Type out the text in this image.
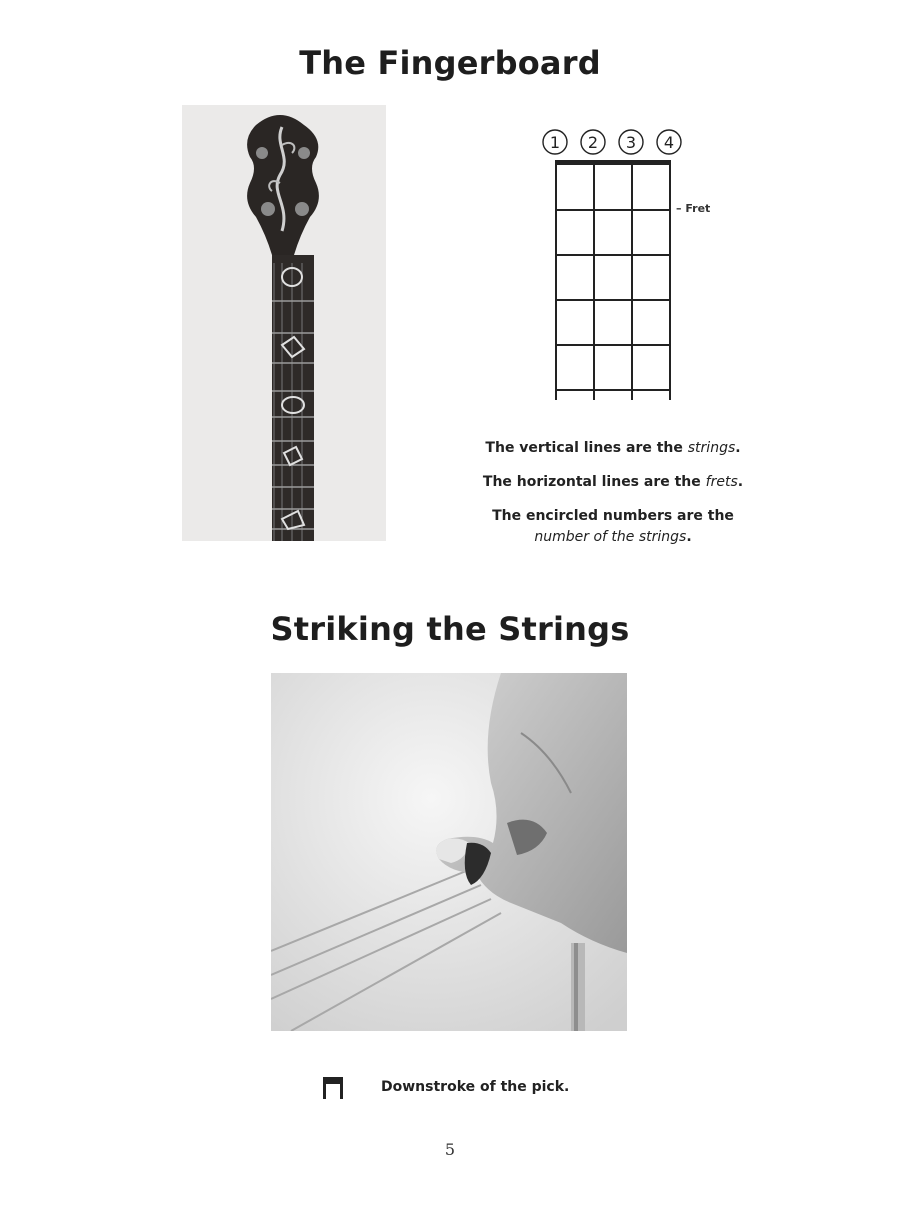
The Fingerboard
1 2 3 4
– Fret
The vertical lines are the strings.
The horizontal lines are the frets.
The encircled numbers are the
number of the strings.
Striking the Strings
Downstroke of the pick.
5
